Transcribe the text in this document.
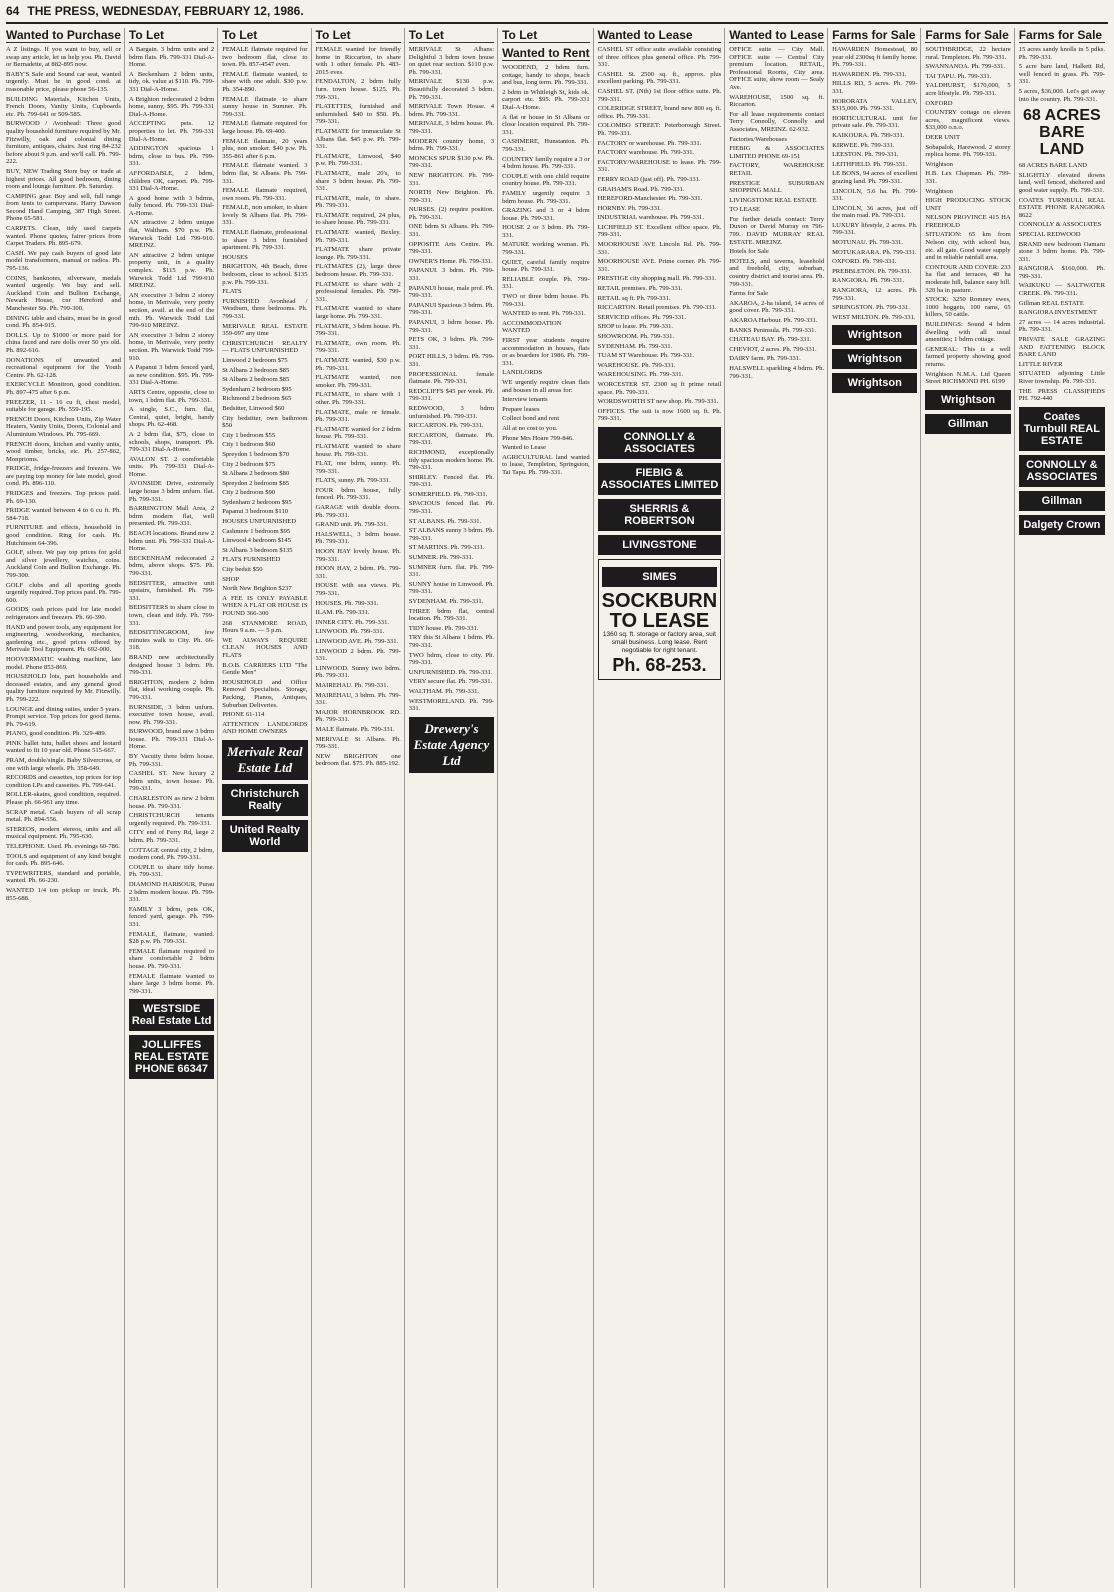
64 THE PRESS, WEDNESDAY, FEBRUARY 12, 1986.
Wanted to Purchase

A Z listings. If you want to buy, sell or swap any article, let us help you. Ph. David or Bernadette, at 882-895 now.

BABY'S Safe and Sound car seat, wanted urgently. Must be in good cond. at reasonable price, please phone 56-135.

BUILDING Materials, Kitchen Units, French Doors, Vanity Units, Cupboards etc. Ph. 799-641 or 509-585.

BURWOOD / Avonhead: Three good quality household furniture required by Mr. Fitzwilly, oak and colonial dining furniture, antiques, chairs. Just ring 84-232 before about 9 p.m. and we'll call. Ph. 799-222.

BUY, NEW Trading Store buy or trade at highest prices. All good bedroom, dining room and lounge furniture. Ph. Saturday.

CAMPING gear. Buy and sell, full range from tents to campervans. Harry Dawson Second Hand Camping, 387 High Street. Phone 65-581.

CARPETS. Clean, tidy used carpets wanted. Phone quotes, fairer prices from Carpet Traders. Ph. 895-679.

CASH. We pay cash buyers of good late model transformers, manual or radios. Ph. 795-136.

COINS, banknotes, silverware, medals wanted urgently. We buy and sell. Auckland Coin and Bullion Exchange, Newark House, cnr Hereford and Manchester Sts. Ph. 799-300.

DINING table and chairs, must be in good cond. Ph. 854-915.

DOLLS. Up to $1000 or more paid for china faced and rare dolls over 50 yrs old. Ph. 892-616.

DONATIONS of unwanted and recreational equipment for the Youth Centre. Ph. 62-128.

EXERCYCLE Monitron, good condition. Ph. 897-475 after 6 p.m.

FREEZER, 11 - 16 cu ft, chest model, suitable for garage. Ph. 559-195.

FRENCH Doors, Kitchen Units, Zip Water Heaters, Vanity Units, Doors, Colonial and Aluminium Windows. Ph. 795-669.

FRENCH doors, kitchen and vanity units, wood timber, bricks, etc. Ph. 257-862, Monprioms.

FRIDGE, fridge-freezers and freezers. We are paying top money for late model, good cond. Ph. 896-110.

FRIDGES and freezers. Top prices paid. Ph. 69-130.

FRIDGE wanted between 4 to 6 cu ft. Ph. 584-718.

FURNITURE and effects, household in good condition. Ring for cash. Ph. Hutchinson 64-396.

GOLF, silver. We pay top prices for gold and silver jewellery, watches, coins. Auckland Coin and Bullion Exchange. Ph. 799-300.

GOLF clubs and all sporting goods urgently required. Top prices paid. Ph. 799-600.

GOODS cash prices paid for late model refrigerators and freezers. Ph. 66-390.

HAND and power tools, any equipment for engineering, woodworking, mechanics, gardening etc., good prices offered by Merivale Tool Equipment. Ph. 692-000.

HOOVERMATIC washing machine, late model. Phone 853-869.

HOUSEHOLD lots, part households and deceased estates, and any general good quality furniture required by Mr. Fitzwilly. Ph. 799-222.

LOUNGE and dining suites, under 5 years. Prompt service. Top prices for good items. Ph. 79-619.

PIANO, good condition. Ph. 329-489.

PINK ballet tutu, ballet shoes and leotard wanted to fit 10 year old. Phone 515-667.

PRAM, double/single. Baby Silvercross, or one with large wheels. Ph. 358-649.

RECORDS and cassettes, top prices for top condition LPs and cassettes. Ph. 799-641.

ROLLER-skates, good condition, required. Please ph. 66-961 any time.

SCRAP metal. Cash buyers of all scrap metal. Ph. 894-556.

STEREOS, modern stereos, units and all musical equipment. Ph. 795-630.

TELEPHONE. Used. Ph. evenings 60-786.

TOOLS and equipment of any kind bought for cash. Ph. 895-646.

TYPEWRITERS, standard and portable, wanted. Ph. 66-230.

WANTED 1/4 ton pickup or truck. Ph. 855-688.

To Let

A Bargain. 3 bdrm units and 2 bdrm flats. Ph. 799-331 Dial-A-Home.

A Beckenham 2 bdrm units, tidy, ok. value at $110. Ph. 799-331 Dial-A-Home.

A Brighton redecorated 2 bdrm home, sunny, $95. Ph. 799-331 Dial-A-Home.

ACCEPTING pets. 12 properties to let. Ph. 799-331 Dial-A-Home.

ADDINGTON spacious 1 bdrm, close to bus. Ph. 799-331.

AFFORDABLE, 2 bdrm, children OK, carport. Ph. 799-331 Dial-A-Home.

A good home with 3 bdrms, fully fenced. Ph. 799-331 Dial-A-Home.

AN attractive 2 bdrm unique flat, Waltham. $70 p.w. Ph. Warwick Todd Ltd 799-910. MREINZ.

AN attractive 2 bdrm unique property unit, in a quality complex. $115 p.w. Ph. Warwick Todd Ltd 799-910 MREINZ.

AN executive 3 bdrm 2 storey home, in Merivale, very pretty section, avail. at the end of the mth. Ph. Warwick Todd Ltd 799-910 MREINZ.

AN executive 3 bdrm 2 storey home, in Merivale, very pretty section. Ph. Warwick Todd 799-910.

A Papanui 3 bdrm fenced yard, as new condition. $95. Ph. 799-331 Dial-A-Home.

ARTS Centre, opposite, close to town, 1 bdrm flat. Ph. 799-331.

A single, S.C., furn. flat, Central, quiet, bright, handy shops. Ph. 62-468.

A 2 bdrm flat, $75, close to schools, shops, transport. Ph. 799-331 Dial-A-Home.

AVALON ST. 2 comfortable units. Ph. 799-331 Dial-A-Home.

AVONSIDE Drive, extremely large house 3 bdrm unfurn. flat. Ph. 799-331.

BARRINGTON Mall Area, 2 bdrm modern flat, well presented. Ph. 799-331.

BEACH locations. Brand new 2 bdrm unit. Ph. 799-331 Dial-A-Home.

BECKENHAM redecorated 2 bdrm, above shops. $75. Ph. 799-331.

BEDSITTER, attractive unit upstairs, furnished. Ph. 799-331.

BEDSITTERS to share close to town, clean and tidy. Ph. 799-331.

BEDSITTINGROOM, few minutes walk to City. Ph. 66-318.

BRAND new architecturally designed house 3 bdrm. Ph. 799-331.

BRIGHTON, modern 2 bdrm flat, ideal working couple. Ph. 799-331.

BURNSIDE, 3 bdrm unfurn. executive town house, avail. now. Ph. 799-331.

BURWOOD, brand new 3 bdrm house. Ph. 799-331 Dial-A-Home.

BY Vacuity three bdrm house. Ph. 799-331.

CASHEL ST. New luxury 2 bdrm units, town house. Ph. 799-331.

CHARLESTON as new 2 bdrm house. Ph. 799-331.

CHRISTCHURCH tenants urgently required. Ph. 799-331.

CITY end of Ferry Rd, large 2 bdrm. Ph. 799-331.

COTTAGE central city, 2 bdrm, modern cond. Ph. 799-331.

COUPLE to share tidy home. Ph. 799-331.

DIAMOND HARBOUR, Purau 2 bdrm modern house. Ph. 799-331.

FAMILY 3 bdrm, pets OK, fenced yard, garage. Ph. 799-331.

FEMALE, flatmate, wanted. $28 p.w. Ph. 799-331.

FEMALE flatmate required to share comfortable 2 bdrm house. Ph. 799-331.

FEMALE flatmate wanted to share large 3 bdrm home. Ph. 799-331.

WESTSIDE Real Estate Ltd
JOLLIFFES REAL ESTATE PHONE 66347
To Let

FEMALE flatmate required for two bedroom flat, close to town. Ph. 857-4547 even.

FEMALE flatmate wanted, to share with one adult. $30 p.w. Ph. 354-890.

FEMALE flatmate to share sunny house in Sumner. Ph. 799-331.

FEMALE flatmate required for large house. Ph. 69-400.

FEMALE flatmate, 20 years plus, non smoker. $40 p.w. Ph. 355-861 after 6 p.m.

FEMALE flatmate wanted. 3 bdrm flat, St Albans. Ph. 799-331.

FEMALE flatmate required, own room. Ph. 799-331.

FEMALE, non smoker, to share lovely St Albans flat. Ph. 799-331.

FEMALE flatmate, professional to share 3 bdrm furnished apartment. Ph. 799-331.

HOUSES

BRIGHTON, 4th Beach, three bedroom, close to school. $135 p.w. Ph. 799-331.

FLATS

FURNISHED Avonhead / Westburn, three bedrooms. Ph. 799-331.

MERIVALE REAL ESTATE 359-097 any time

CHRISTCHURCH REALTY — FLATS UNFURNISHED

Linwood 2 bedroom $75

St Albans 2 bedroom $85

St Albans 2 bedroom $85

Sydenham 2 bedroom $95

Richmond 2 bedroom $65

Bedsitter, Linwood $60

City bedsitter, own bathroom $50

City 1 bedroom $55

City 1 bedroom $60

Spreydon 1 bedroom $70

City 2 bedroom $75

St Albans 2 bedroom $80

Spreydon 2 bedroom $85

City 2 bedroom $90

Sydenham 2 bedroom $95

Papanui 3 bedroom $110

HOUSES UNFURNISHED

Cashmere 1 bedroom $95

Linwood 4 bedroom $145

St Albans 3 bedroom $135

FLATS FURNISHED

City bedsit $50

SHOP

North New Brighton $237

A FEE IS ONLY PAYABLE WHEN A FLAT OR HOUSE IS FOUND 366-300

268 STANMORE ROAD, Hours 9 a.m. — 5 p.m.

WE ALWAYS REQUIRE CLEAN HOUSES AND FLATS

B.O.B. CARRIERS LTD "The Gentle Men"

HOUSEHOLD and Office Removal Specialists. Storage, Packing, Pianos, Antiques, Suburban Deliveries.

PHONE 61-114

ATTENTION LANDLORDS AND HOME OWNERS

Merivale Real Estate Ltd
Christchurch Realty
United Realty World
To Let

FEMALE wanted for friendly home in Riccarton, to share with 1 other female. Ph. 483-2015 eves.

FENDALTON, 2 bdrm fully furn. town house. $125. Ph. 799-331.

FLATETTES, furnished and unfurnished. $40 to $50. Ph. 799-331.

FLATMATE for immaculate St Albans flat. $45 p.w. Ph. 799-331.

FLATMATE, Linwood, $40 p.w. Ph. 799-331.

FLATMATE, male 20's, to share 3 bdrm house. Ph. 799-331.

FLATMATE, male, to share. Ph. 799-331.

FLATMATE required, 24 plus, to share house. Ph. 799-331.

FLATMATE wanted, Bexley. Ph. 799-331.

FLATMATE share private lounge. Ph. 799-331.

FLATMATES (2), large three bedroom house. Ph. 799-331.

FLATMATE to share with 2 professional females. Ph. 799-331.

FLATMATE wanted to share large home. Ph. 799-331.

FLATMATE, 3 bdrm house. Ph. 799-331.

FLATMATE, own room. Ph. 799-331.

FLATMATE wanted, $30 p.w. Ph. 799-331.

FLATMATE wanted, non smoker. Ph. 799-331.

FLATMATE, to share with 1 other. Ph. 799-331.

FLATMATE, male or female. Ph. 799-331.

FLATMATE wanted for 2 bdrm house. Ph. 799-331.

FLATMATE wanted to share house. Ph. 799-331.

FLAT, one bdrm, sunny. Ph. 799-331.

FLATS, sunny. Ph. 799-331.

FOUR bdrm house, fully fenced. Ph. 799-331.

GARAGE with double doors. Ph. 799-331.

GRAND unit. Ph. 799-331.

HALSWELL, 3 bdrm house. Ph. 799-331.

HOON HAY lovely house. Ph. 799-331.

HOON HAY, 2 bdrm. Ph. 799-331.

HOUSE with sea views. Ph. 799-331.

HOUSES. Ph. 799-331.

ILAM. Ph. 799-331.

INNER CITY. Ph. 799-331.

LINWOOD. Ph. 799-331.

LINWOOD AVE. Ph. 799-331.

LINWOOD 2 bdrm. Ph. 799-331.

LINWOOD. Sunny two bdrm. Ph. 799-331.

MAIREHAU. Ph. 799-331.

MAIREHAU, 3 bdrm. Ph. 799-331.

MAJOR HORNBROOK RD. Ph. 799-331.

MALE flatmate. Ph. 799-331.

MERIVALE St Albans. Ph. 799-331.

NEW BRIGHTON one bedroom flat. $75. Ph. 885-192.

To Let

MERIVALE St Albans: Delightful 3 bdrm town house on quiet rear section. $110 p.w. Ph. 799-331.

MERIVALE $130 p.w. Beautifully decorated 3 bdrm. Ph. 799-331.

MERIVALE Town House. 4 bdrm. Ph. 799-331.

MERIVALE, 3 bdrm house. Ph. 799-331.

MODERN country home, 3 bdrm. Ph. 799-331.

MONCKS SPUR $130 p.w. Ph. 799-331.

NEW BRIGHTON. Ph. 799-331.

NORTH New Brighton. Ph. 799-331.

NURSES. (2) require position. Ph. 799-331.

ONE bdrm St Albans. Ph. 799-331.

OPPOSITE Arts Centre. Ph. 799-331.

OWNER'S Home. Ph. 799-331.

PAPANUI. 3 bdrm. Ph. 799-331.

PAPANUI house, male prof. Ph. 799-331.

PAPANUI Spacious 3 bdrm. Ph. 799-331.

PAPANUI, 3 bdrm house. Ph. 799-331.

PETS OK, 3 bdrm. Ph. 799-331.

PORT HILLS, 3 bdrm. Ph. 799-331.

PROFESSIONAL female flatmate. Ph. 799-331.

REDCLIFFS $45 per week. Ph. 799-331.

REDWOOD, 3 bdrm unfurnished. Ph. 799-331.

RICCARTON. Ph. 799-331.

RICCARTON, flatmate. Ph. 799-331.

RICHMOND, exceptionally tidy spacious modern home. Ph. 799-331.

SHIRLEY. Fenced flat. Ph. 799-331.

SOMERFIELD. Ph. 799-331.

SPACIOUS fenced flat. Ph. 799-331.

ST ALBANS. Ph. 799-331.

ST ALBANS sunny 3 bdrm. Ph. 799-331.

ST MARTINS. Ph. 799-331.

SUMNER. Ph. 799-331.

SUMNER furn. flat. Ph. 799-331.

SUNNY house in Linwood. Ph. 799-331.

SYDENHAM. Ph. 799-331.

THREE bdrm flat, central location. Ph. 799-331.

TIDY house. Ph. 799-331.

TRY this St Albans 1 bdrm. Ph. 799-331.

TWO bdrm, close to city. Ph. 799-331.

UNFURNISHED. Ph. 799-331.

VERY secure flat. Ph. 799-331.

WALTHAM. Ph. 799-331.

WESTMORELAND. Ph. 799-331.

Drewery's Estate Agency Ltd
To Let
Wanted to Rent

WOODEND, 2 bdrm furn. cottage, handy to shops, beach and bus, long term. Ph. 799-331.

2 bdrm in Whitleigh St, kids ok. carport etc. $95. Ph. 799-331 Dial-A-Home.

A flat or house in St Albans or close location required. Ph. 799-331.

CASHMERE, Hunstanton. Ph. 799-331.

COUNTRY family require a 3 or 4 bdrm house. Ph. 799-331.

COUPLE with one child require country house. Ph. 799-331.

FAMILY urgently require 3 bdrm house. Ph. 799-331.

GRAZING and 3 or 4 bdrm house. Ph. 799-331.

HOUSE 2 or 3 bdrm. Ph. 799-331.

MATURE working woman. Ph. 799-331.

QUIET, careful family require house. Ph. 799-331.

RELIABLE couple. Ph. 799-331.

TWO or three bdrm house. Ph. 799-331.

WANTED to rent. Ph. 799-331.

ACCOMMODATION WANTED

FIRST year students require accommodation in houses, flats or as boarders for 1986. Ph. 799-331.

LANDLORDS

WE urgently require clean flats and houses in all areas for:

Interview tenants

Prepare leases

Collect bond and rent

All at no cost to you.

Phone Mrs Hoare 799-846.

Wanted to Lease

AGRICULTURAL land wanted to lease, Templeton, Springston, Tai Tapu. Ph. 799-331.

Wanted to Lease

CASHEL ST office suite available consisting of three offices plus general office. Ph. 799-331.

CASHEL St. 2500 sq. ft., approx. plus excellent parking. Ph. 799-331.

CASHEL ST. (Nth) 1st floor office suite. Ph. 799-331.

COLERIDGE STREET, brand new 800 sq. ft. office. Ph. 799-331.

COLOMBO STREET: Peterborough Street. Ph. 799-331.

FACTORY or warehouse. Ph. 799-331.

FACTORY warehouse. Ph. 799-331.

FACTORY/WAREHOUSE to lease. Ph. 799-331.

FERRY ROAD (just off). Ph. 799-331.

GRAHAM'S Road. Ph. 799-331.

HEREFORD-Manchester. Ph. 799-331.

HORNBY. Ph. 799-331.

INDUSTRIAL warehouse. Ph. 799-331.

LICHFIELD ST. Excellent office space. Ph. 799-331.

MOORHOUSE AVE Lincoln Rd. Ph. 799-331.

MOORHOUSE AVE. Prime corner. Ph. 799-331.

PRESTIGE city shopping mall. Ph. 799-331.

RETAIL premises. Ph. 799-331.

RETAIL sq ft. Ph. 799-331.

RICCARTON. Retail premises. Ph. 799-331.

SERVICED offices. Ph. 799-331.

SHOP to lease. Ph. 799-331.

SHOWROOM. Ph. 799-331.

SYDENHAM. Ph. 799-331.

TUAM ST Warehouse. Ph. 799-331.

WAREHOUSE. Ph. 799-331.

WAREHOUSING. Ph. 799-331.

WORCESTER ST. 2300 sq ft prime retail space. Ph. 799-331.

WORDSWORTH ST new shop. Ph. 799-331.

OFFICES. The suit is now 1600 sq. ft. Ph. 799-331.

CONNOLLY & ASSOCIATES
FIEBIG & ASSOCIATES LIMITED
SHERRIS & ROBERTSON
LIVINGSTONE
SIMES
SOCKBURN TO LEASE
1360 sq. ft. storage or factory area, suit small business. Long lease. Rent negotiable for right tenant.
Ph. 68-253.
Wanted to Lease

OFFICE suite — City Mall. OFFICE suite — Central City premium location. RETAIL, Professional Rooms, City area. OFFICE suite, show room — Sealy Ave.

WAREHOUSE, 1500 sq. ft. Riccarton.

For all lease requirements contact Terry Connolly, Connolly and Associates, MREINZ. 62-932.

Factories/Warehouses

FIEBIG & ASSOCIATES LIMITED PHONE 69-151

FACTORY, WAREHOUSE RETAIL

PRESTIGE SUBURBAN SHOPPING MALL

LIVINGSTONE REAL ESTATE

TO LEASE

For further details contact: Terry Duxon or David Murray on 796-799. DAVID MURRAY REAL ESTATE. MREINZ.

Hotels for Sale

HOTELS, and taverns, leasehold and freehold, city, suburban, country district and tourist area. Ph. 799-331.

Farms for Sale

AKAROA, 2-ha island, 14 acres of good cover. Ph. 799-331.

AKAROA Harbour. Ph. 799-331.

BANKS Peninsula. Ph. 799-331.

CHATEAU BAY. Ph. 799-331.

CHEVIOT, 2 acres. Ph. 799-331.

DAIRY farm. Ph. 799-331.

HALSWELL sparkling 4 bdrm. Ph. 799-331.

Farms for Sale

HAWARDEN Homestead, 80 year old 2300sq ft family home. Ph. 799-331.

HAWARDEN. Ph. 799-331.

HILLS RD, 5 acres. Ph. 799-331.

HORORATA VALLEY, $315,000. Ph. 799-331.

HORTICULTURAL unit for private sale. Ph. 799-331.

KAIKOURA. Ph. 799-331.

KIRWEE. Ph. 799-331.

LEESTON. Ph. 799-331.

LEITHFIELD. Ph. 799-331.

LE BONS, 94 acres of excellent grazing land. Ph. 799-331.

LINCOLN, 5.6 ha. Ph. 799-331.

LINCOLN, 36 acres, just off the main road. Ph. 799-331.

LUXURY lifestyle, 2 acres. Ph. 799-331.

MOTUNAU. Ph. 799-331.

MOTUKARARA. Ph. 799-331.

OXFORD. Ph. 799-331.

PREBBLETON. Ph. 799-331.

RANGIORA. Ph. 799-331.

RANGIORA, 12 acres. Ph. 799-331.

SPRINGSTON. Ph. 799-331.

WEST MELTON. Ph. 799-331.

Wrightson
Wrightson
Wrightson
Farms for Sale

SOUTHBRIDGE, 22 hectare rural. Templeton. Ph. 799-331.

SWANNANOA. Ph. 799-331.

TAI TAPU. Ph. 799-331.

YALDHURST, $170,000, 5 acre lifestyle. Ph. 799-331.

OXFORD

COUNTRY cottage on eleven acres, magnificent views. $33,000 o.n.o.

DEER UNIT

Sobapalok, Harewood. 2 storey replica home. Ph. 799-331.

Wrightson

H.B. Lex Chapman. Ph. 799-331.

Wrightson

HIGH PRODUCING STOCK UNIT

NELSON PROVINCE 415 HA FREEHOLD

SITUATION: 65 km from Nelson city, with school bus, etc. all gate. Good water supply and in reliable rainfall area.

CONTOUR AND COVER: 233 ha flat and terraces, 40 ha moderate hill, balance easy hill. 320 ha in pasture.

STOCK: 3250 Romney ewes, 1000 hoggets, 100 rams, 65 killers, 50 cattle.

BUILDINGS: Sound 4 bdrm dwelling with all usual amenities; 1 bdrm cottage.

GENERAL: This is a well farmed property showing good returns.

Wrightson N.M.A. Ltd Queen Street RICHMOND PH. 6199

Wrightson
Gillman
Farms for Sale

15 acres sandy knolls in 5 pdks. Ph. 799-331.

5 acre bare land, Halkett Rd, well fenced in grass. Ph. 799-331.

5 acres, $36,000. Let's get away into the country. Ph. 799-331.

68 ACRES BARE LAND

68 ACRES BARE LAND

SLIGHTLY elevated downs land, well fenced, sheltered and good water supply. Ph. 799-331.

COATES TURNBULL REAL ESTATE PHONE RANGIORA 8622

CONNOLLY & ASSOCIATES

SPECIAL REDWOOD

BRAND new bedroom Oamaru stone 3 bdrm home. Ph. 799-331.

RANGIORA $160,000. Ph. 799-331.

WAIKUKU — SALTWATER CREEK. Ph. 799-331.

Gillman REAL ESTATE

RANGIORA INVESTMENT

27 acres — 14 acres industrial. Ph. 799-331.

PRIVATE SALE GRAZING AND FATTENING BLOCK BARE LAND

LITTLE RIVER

SITUATED adjoining Little River township. Ph. 799-331.

THE PRESS CLASSIFIEDS PH. 792-440

Coates Turnbull REAL ESTATE
CONNOLLY & ASSOCIATES
Gillman
Dalgety Crown
